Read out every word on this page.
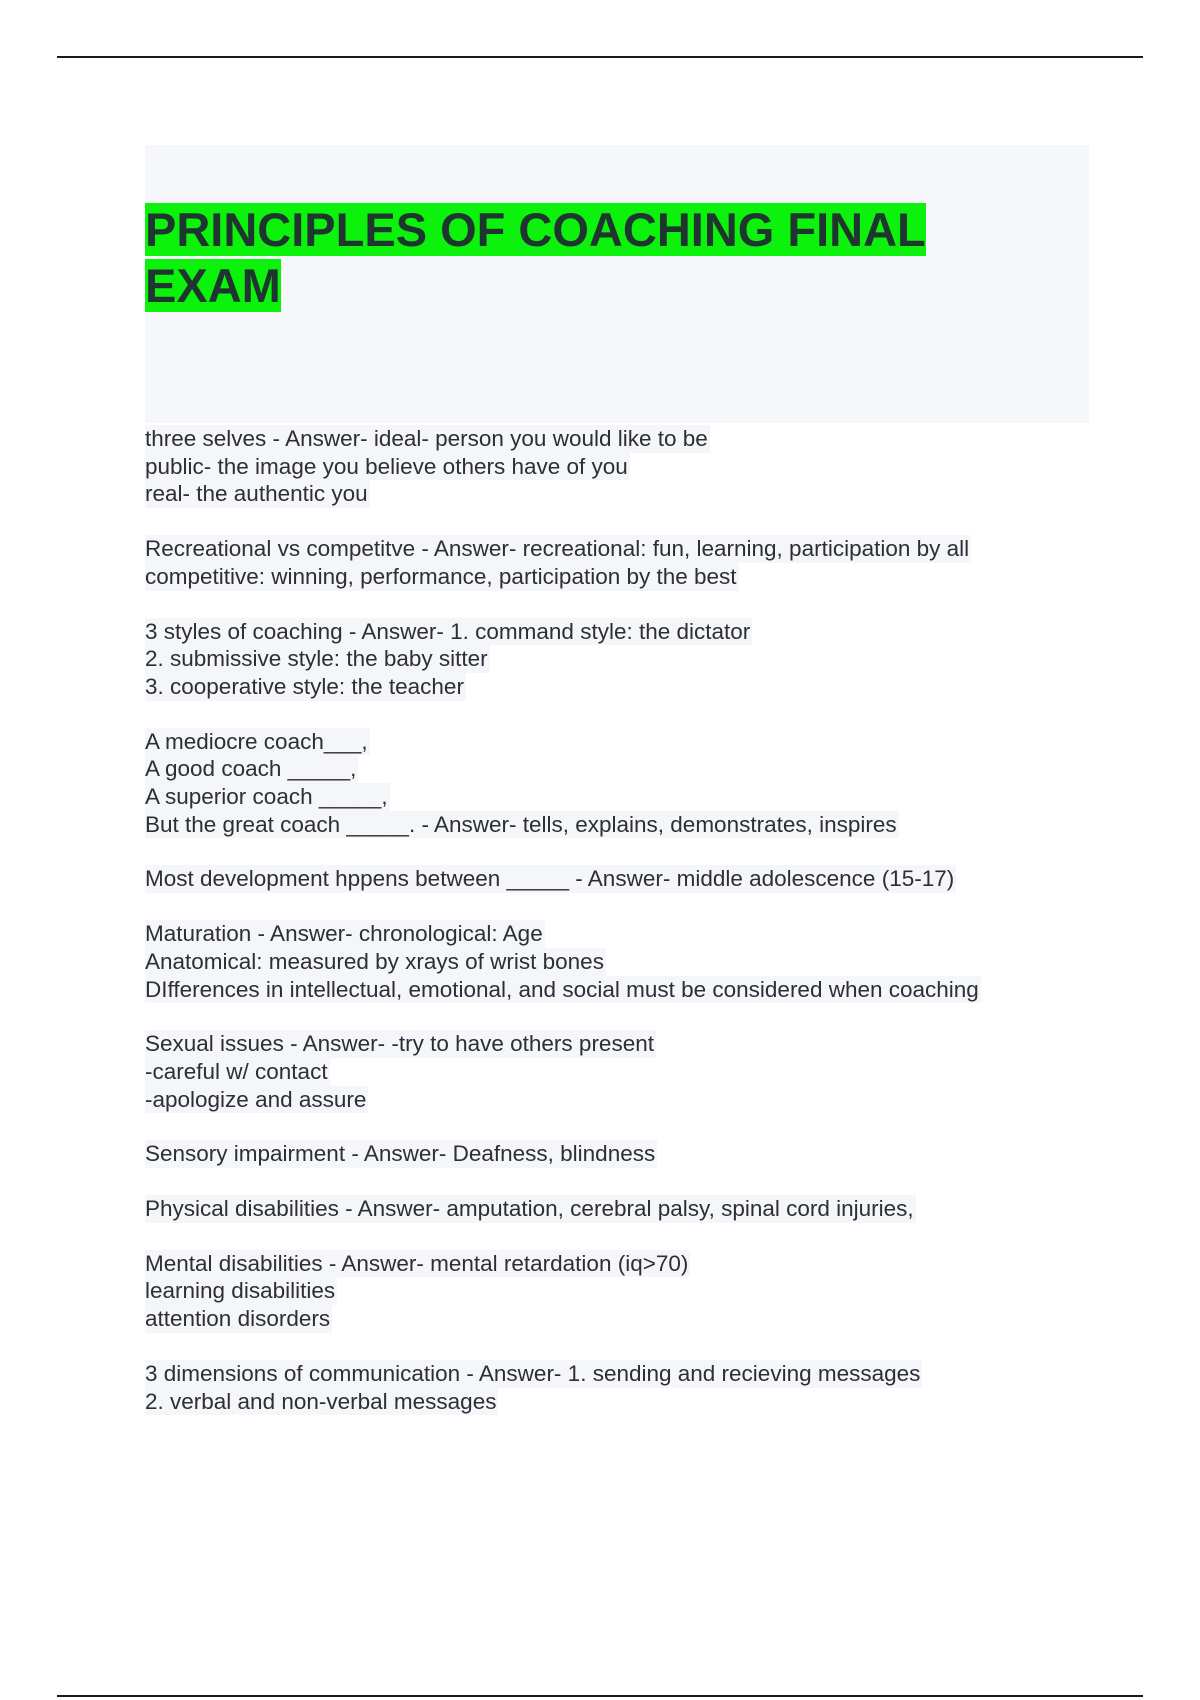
PRINCIPLES OF COACHING FINAL EXAM
three selves - Answer- ideal- person you would like to be
public- the image you believe others have of you
real- the authentic you
Recreational vs competitve - Answer- recreational: fun, learning, participation by all
competitive: winning, performance, participation by the best
3 styles of coaching - Answer- 1. command style: the dictator
2. submissive style: the baby sitter
3. cooperative style: the teacher
A mediocre coach___,
A good coach _____,
A superior coach _____,
But the great coach _____. - Answer- tells, explains, demonstrates, inspires
Most development hppens between _____ - Answer- middle adolescence (15-17)
Maturation - Answer- chronological: Age
Anatomical: measured by xrays of wrist bones
DIfferences in intellectual, emotional, and social must be considered when coaching
Sexual issues - Answer- -try to have others present
-careful w/ contact
-apologize and assure
Sensory impairment - Answer- Deafness, blindness
Physical disabilities - Answer- amputation, cerebral palsy, spinal cord injuries,
Mental disabilities - Answer- mental retardation (iq>70)
learning disabilities
attention disorders
3 dimensions of communication - Answer- 1. sending and recieving messages
2. verbal and non-verbal messages
